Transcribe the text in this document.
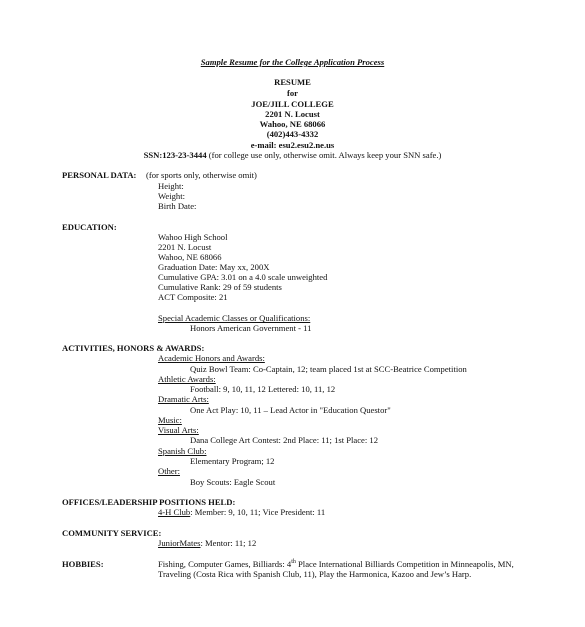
Sample Resume for the College Application Process
RESUME
for
JOE/JILL COLLEGE
2201 N. Locust
Wahoo, NE 68066
(402)443-4332
e-mail: esu2.esu2.ne.us
SSN:123-23-3444 (for college use only, otherwise omit. Always keep your SNN safe.)
PERSONAL DATA: (for sports only, otherwise omit)
Height:
Weight:
Birth Date:
EDUCATION:
Wahoo High School
2201 N. Locust
Wahoo, NE 68066
Graduation Date: May xx, 200X
Cumulative GPA: 3.01 on a 4.0 scale unweighted
Cumulative Rank: 29 of 59 students
ACT Composite: 21
Special Academic Classes or Qualifications:
Honors American Government - 11
ACTIVITIES, HONORS & AWARDS:
Academic Honors and Awards:
Quiz Bowl Team: Co-Captain, 12; team placed 1st at SCC-Beatrice Competition
Athletic Awards:
Football: 9, 10, 11, 12 Lettered: 10, 11, 12
Dramatic Arts:
One Act Play: 10, 11 – Lead Actor in "Education Questor"
Music:
Visual Arts:
Dana College Art Contest: 2nd Place: 11; 1st Place: 12
Spanish Club:
Elementary Program; 12
Other:
Boy Scouts: Eagle Scout
OFFICES/LEADERSHIP POSITIONS HELD:
4-H Club: Member: 9, 10, 11; Vice President: 11
COMMUNITY SERVICE:
JuniorMates: Mentor: 11; 12
HOBBIES:	Fishing, Computer Games, Billiards: 4th Place International Billiards Competition in Minneapolis, MN,
Traveling (Costa Rica with Spanish Club, 11), Play the Harmonica, Kazoo and Jew’s Harp.
